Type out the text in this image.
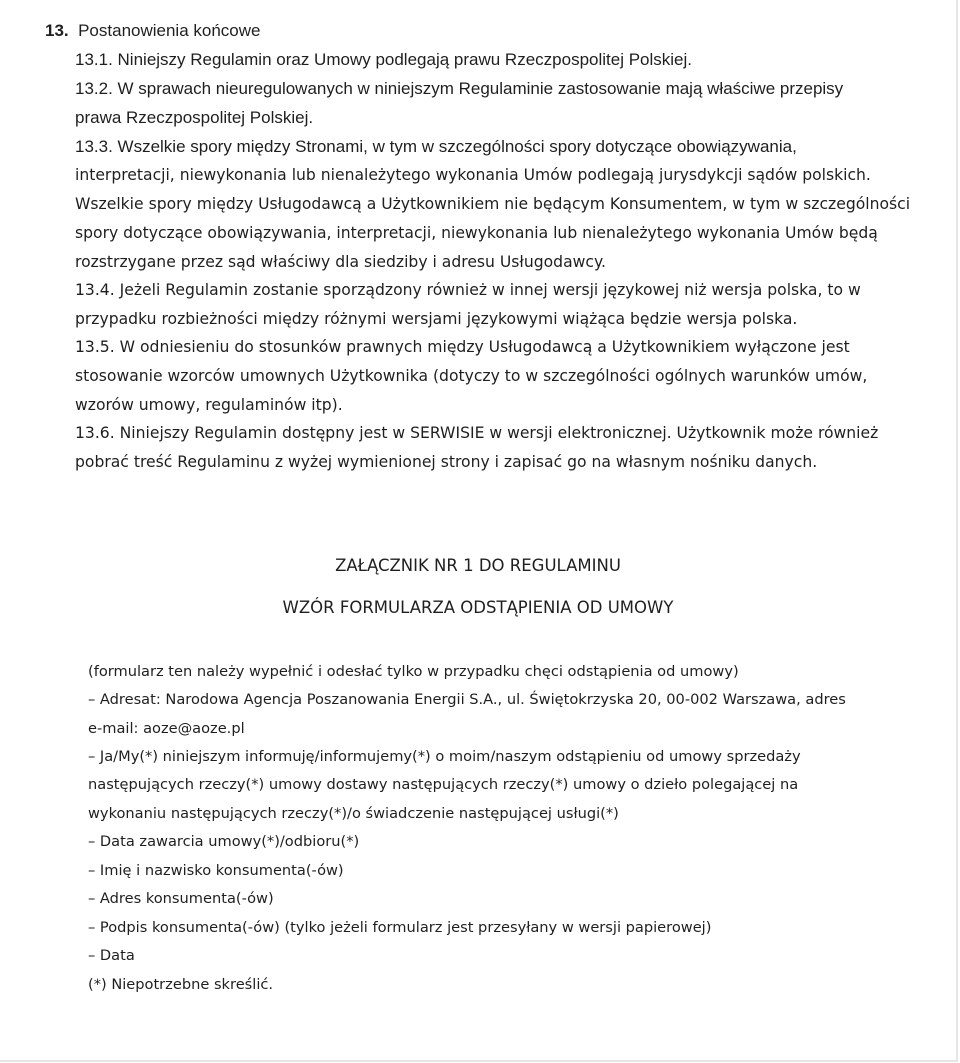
13. Postanowienia końcowe
13.1. Niniejszy Regulamin oraz Umowy podlegają prawu Rzeczpospolitej Polskiej.
13.2. W sprawach nieuregulowanych w niniejszym Regulaminie zastosowanie mają właściwe przepisy
prawa Rzeczpospolitej Polskiej.
13.3. Wszelkie spory między Stronami, w tym w szczególności spory dotyczące obowiązywania,
interpretacji, niewykonania lub nienależytego wykonania Umów podlegają jurysdykcji sądów polskich.
Wszelkie spory między Usługodawcą a Użytkownikiem nie będącym Konsumentem, w tym w szczególności
spory dotyczące obowiązywania, interpretacji, niewykonania lub nienależytego wykonania Umów będą
rozstrzygane przez sąd właściwy dla siedziby i adresu Usługodawcy.
13.4. Jeżeli Regulamin zostanie sporządzony również w innej wersji językowej niż wersja polska, to w
przypadku rozbieżności między różnymi wersjami językowymi wiążąca będzie wersja polska.
13.5. W odniesieniu do stosunków prawnych między Usługodawcą a Użytkownikiem wyłączone jest
stosowanie wzorców umownych Użytkownika (dotyczy to w szczególności ogólnych warunków umów,
wzorów umowy, regulaminów itp).
13.6. Niniejszy Regulamin dostępny jest w SERWISIE w wersji elektronicznej. Użytkownik może również
pobrać treść Regulaminu z wyżej wymienionej strony i zapisać go na własnym nośniku danych.
ZAŁĄCZNIK NR 1 DO REGULAMINU
WZÓR FORMULARZA ODSTĄPIENIA OD UMOWY
(formularz ten należy wypełnić i odesłać tylko w przypadku chęci odstąpienia od umowy)
– Adresat: Narodowa Agencja Poszanowania Energii S.A., ul. Świętokrzyska 20, 00-002 Warszawa, adres
e-mail: aoze@aoze.pl
– Ja/My(*) niniejszym informuję/informujemy(*) o moim/naszym odstąpieniu od umowy sprzedaży
następujących rzeczy(*) umowy dostawy następujących rzeczy(*) umowy o dzieło polegającej na
wykonaniu następujących rzeczy(*)/o świadczenie następującej usługi(*)
– Data zawarcia umowy(*)/odbioru(*)
– Imię i nazwisko konsumenta(-ów)
– Adres konsumenta(-ów)
– Podpis konsumenta(-ów) (tylko jeżeli formularz jest przesyłany w wersji papierowej)
– Data
(*) Niepotrzebne skreślić.
